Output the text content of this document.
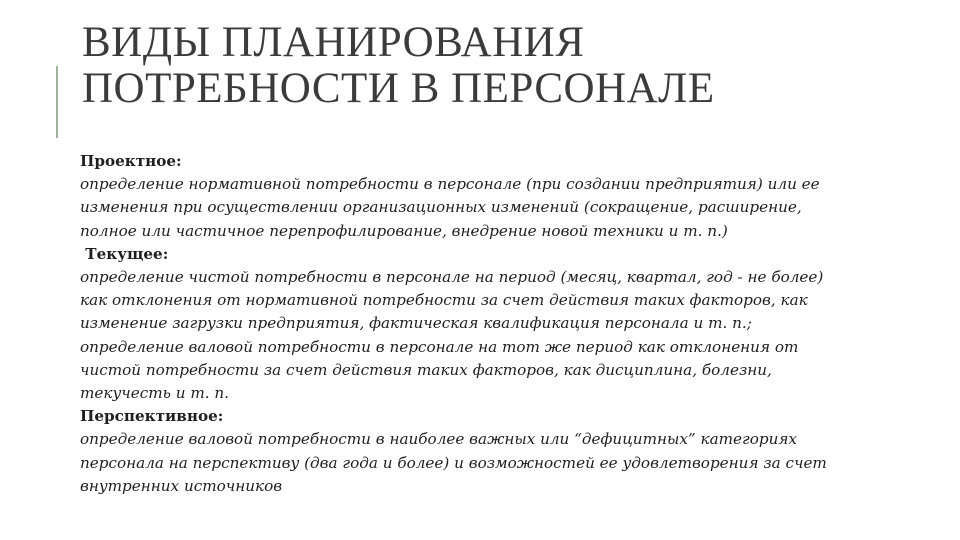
ВИДЫ ПЛАНИРОВАНИЯ
ПОТРЕБНОСТИ В ПЕРСОНАЛЕ
Проектное:
определение нормативной потребности в персонале (при создании предприятия) или ее
изменения при осуществлении организационных изменений (сокращение, расширение,
полное или частичное перепрофилирование, внедрение новой техники и т. п.)
Текущее:
определение чистой потребности в персонале на период (месяц, квартал, год - не более)
как отклонения от нормативной потребности за счет действия таких факторов, как
изменение загрузки предприятия, фактическая квалификация персонала и т. п.;
определение валовой потребности в персонале на тот же период как отклонения от
чистой потребности за счет действия таких факторов, как дисциплина, болезни,
текучесть и т. п.
Перспективное:
определение валовой потребности в наиболее важных или “дефицитных” категориях
персонала на перспективу (два года и более) и возможностей ее удовлетворения за счет
внутренних источников
